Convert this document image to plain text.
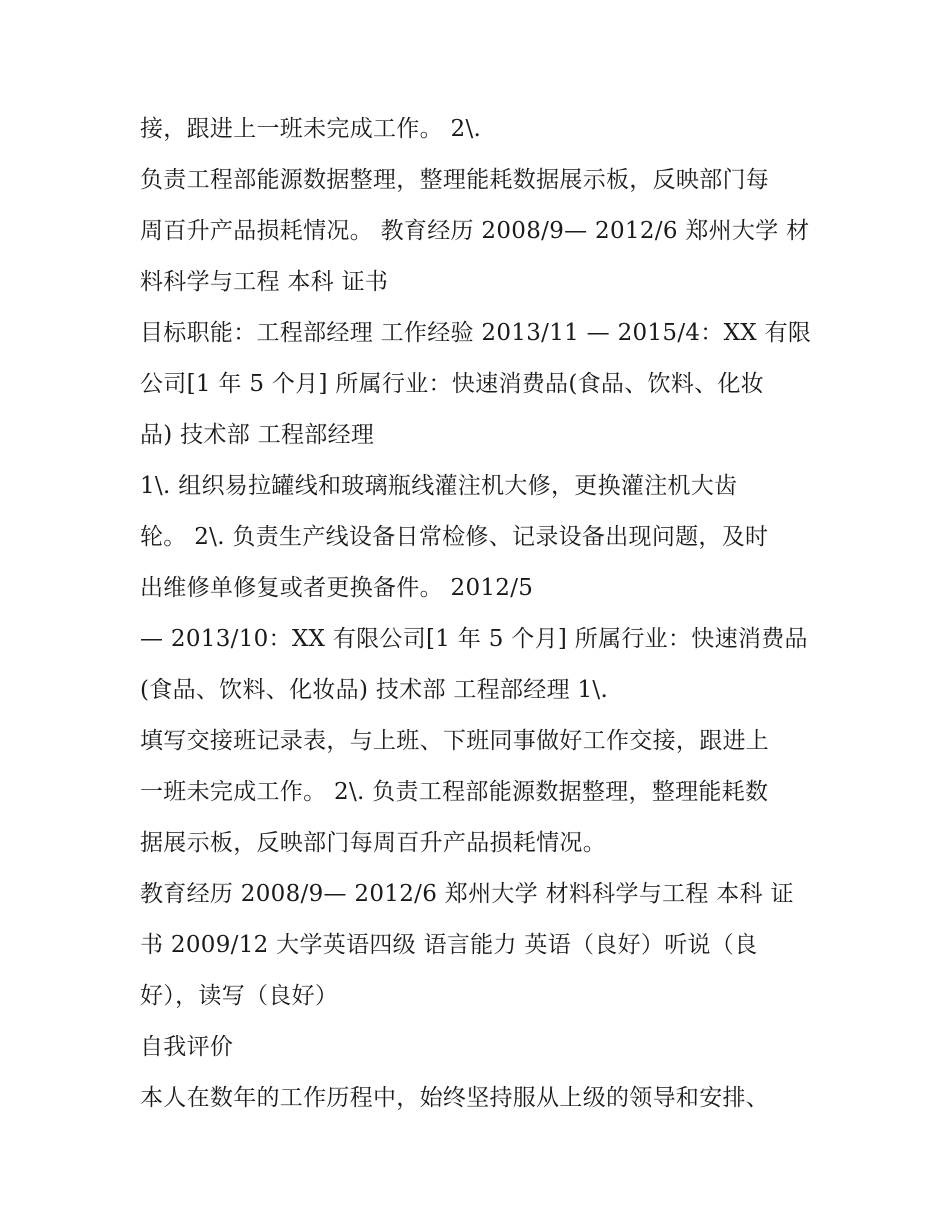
接，跟进上一班未完成工作。 2\.
负责工程部能源数据整理，整理能耗数据展示板，反映部门每
周百升产品损耗情况。 教育经历 2008/9— 2012/6 郑州大学 材
料科学与工程 本科 证书
目标职能：工程部经理 工作经验 2013/11 — 2015/4：XX 有限
公司[1 年 5 个月] 所属行业：快速消费品(食品、饮料、化妆
品) 技术部 工程部经理
1\. 组织易拉罐线和玻璃瓶线灌注机大修，更换灌注机大齿
轮。 2\. 负责生产线设备日常检修、记录设备出现问题，及时
出维修单修复或者更换备件。 2012/5
— 2013/10：XX 有限公司[1 年 5 个月] 所属行业：快速消费品
(食品、饮料、化妆品) 技术部 工程部经理 1\.
填写交接班记录表，与上班、下班同事做好工作交接，跟进上
一班未完成工作。 2\. 负责工程部能源数据整理，整理能耗数
据展示板，反映部门每周百升产品损耗情况。
教育经历 2008/9— 2012/6 郑州大学 材料科学与工程 本科 证
书 2009/12 大学英语四级 语言能力 英语（良好）听说（良
好），读写（良好）
自我评价
本人在数年的工作历程中，始终坚持服从上级的领导和安排、
